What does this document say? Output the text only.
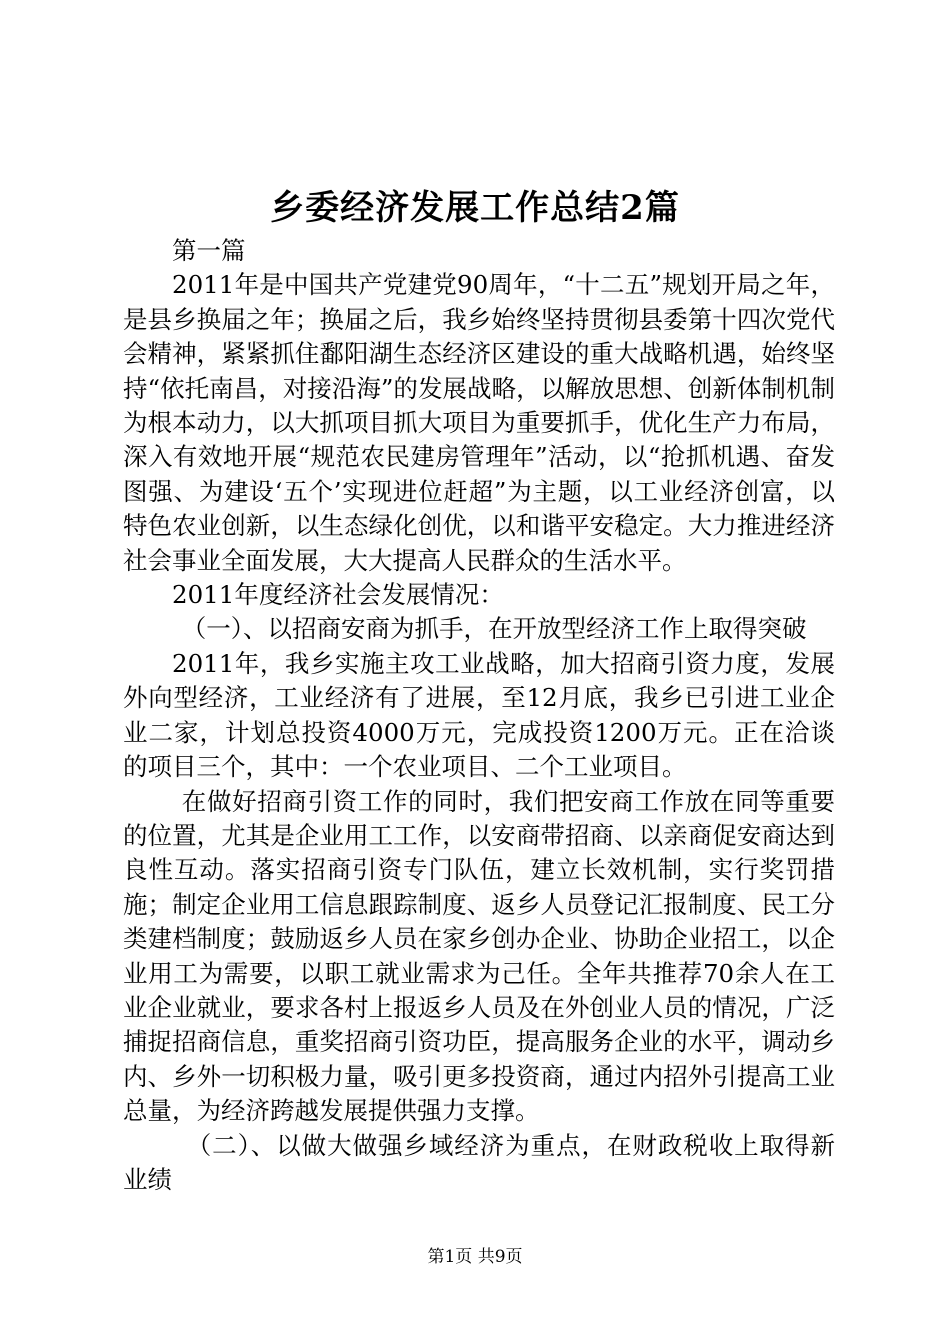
乡委经济发展工作总结2篇

第一篇

2011年是中国共产党建党90周年，“十二五”规划开局之年，是县乡换届之年；换届之后，我乡始终坚持贯彻县委第十四次党代会精神，紧紧抓住鄱阳湖生态经济区建设的重大战略机遇，始终坚持“依托南昌，对接沿海”的发展战略，以解放思想、创新体制机制为根本动力，以大抓项目抓大项目为重要抓手，优化生产力布局，深入有效地开展“规范农民建房管理年”活动，以“抢抓机遇、奋发图强、为建设‘五个’实现进位赶超”为主题，以工业经济创富，以特色农业创新，以生态绿化创优，以和谐平安稳定。大力推进经济社会事业全面发展，大大提高人民群众的生活水平。

2011年度经济社会发展情况：

（一）、以招商安商为抓手，在开放型经济工作上取得突破

2011年，我乡实施主攻工业战略，加大招商引资力度，发展外向型经济，工业经济有了进展，至12月底，我乡已引进工业企业二家，计划总投资4000万元，完成投资1200万元。正在洽谈的项目三个，其中：一个农业项目、二个工业项目。

在做好招商引资工作的同时，我们把安商工作放在同等重要的位置，尤其是企业用工工作，以安商带招商、以亲商促安商达到良性互动。落实招商引资专门队伍，建立长效机制，实行奖罚措施；制定企业用工信息跟踪制度、返乡人员登记汇报制度、民工分类建档制度；鼓励返乡人员在家乡创办企业、协助企业招工，以企业用工为需要，以职工就业需求为己任。全年共推荐70余人在工业企业就业，要求各村上报返乡人员及在外创业人员的情况，广泛捕捉招商信息，重奖招商引资功臣，提高服务企业的水平，调动乡内、乡外一切积极力量，吸引更多投资商，通过内招外引提高工业总量，为经济跨越发展提供强力支撑。

（二）、以做大做强乡域经济为重点，在财政税收上取得新业绩

第1页 共9页
